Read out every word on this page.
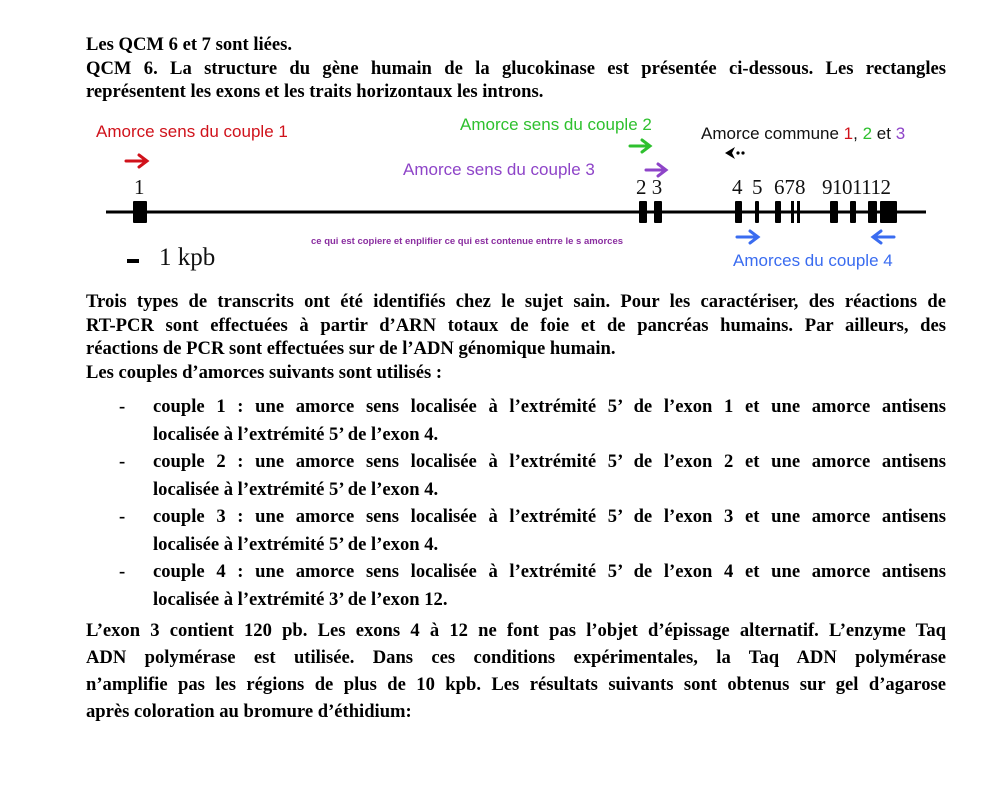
Les QCM 6 et 7 sont liées.
QCM 6. La structure du gène humain de la glucokinase est présentée ci-dessous. Les rectangles
représentent les exons et les traits horizontaux les introns.
Amorce sens du couple 1	Amorce sens du couple 2
Amorce sens du couple 3
Amorce commune 1, 2 et 3
Amorces du couple 4
ce qui est copiere et enplifier ce qui est contenue entrre le s amorces
1	2 3	4 5 678 9101112
1 kpb
Trois types de transcrits ont été identifiés chez le sujet sain. Pour les caractériser, des réactions de
RT-PCR sont effectuées à partir d’ARN totaux de foie et de pancréas humains. Par ailleurs, des
réactions de PCR sont effectuées sur de l’ADN génomique humain.
Les couples d’amorces suivants sont utilisés :
- couple 1 : une amorce sens localisée à l’extrémité 5’ de l’exon 1 et une amorce antisens
localisée à l’extrémité 5’ de l’exon 4.
- couple 2 : une amorce sens localisée à l’extrémité 5’ de l’exon 2 et une amorce antisens
localisée à l’extrémité 5’ de l’exon 4.
- couple 3 : une amorce sens localisée à l’extrémité 5’ de l’exon 3 et une amorce antisens
localisée à l’extrémité 5’ de l’exon 4.
- couple 4 : une amorce sens localisée à l’extrémité 5’ de l’exon 4 et une amorce antisens
localisée à l’extrémité 3’ de l’exon 12.
L’exon 3 contient 120 pb. Les exons 4 à 12 ne font pas l’objet d’épissage alternatif. L’enzyme Taq
ADN polymérase est utilisée. Dans ces conditions expérimentales, la Taq ADN polymérase
n’amplifie pas les régions de plus de 10 kpb. Les résultats suivants sont obtenus sur gel d’agarose
après coloration au bromure d’éthidium:
